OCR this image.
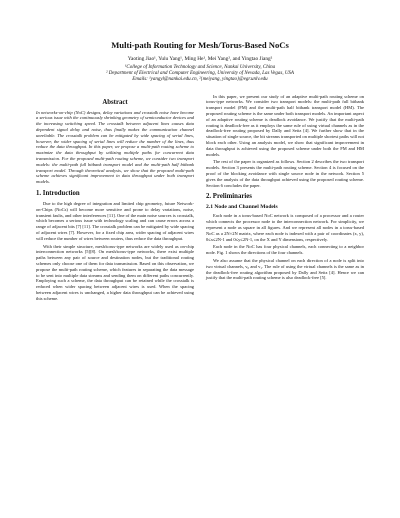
Multi-path Routing for Mesh/Torus-Based NoCs
Yaoting Jiao¹, Yulu Yang¹, Ming He¹, Mei Yang², and Yingtao Jiang²
¹College of Information Technology and Science, Nankai University, China
² Department of Electrical and Computer Engineering, University of Nevada, Las Vegas, USA
Emails: ¹yangyl@nankai.edu.cn, ²{meiyang, yingtao}@egr.unlv.edu
Abstract

In networks-on-chip (NoC) designs, delay variations and crosstalk noise have become a serious issue with the continuously shrinking geometry of semiconductor devices and the increasing switching speed. The crosstalk between adjacent lines causes data dependent signal delay and noise, thus finally makes the communication channel unreliable. The crosstalk problem can be mitigated by wide spacing of serial lines, however, the wider spacing of serial lines will reduce the number of the lines, thus reduce the data throughput. In this paper, we propose a multi-path routing scheme to maximize the data throughput by utilizing multiple paths for concurrent data transmission. For the proposed multi-path routing scheme, we consider two transport models: the multi-path full bitbank transport model and the multi-path half bitbank transport model. Through theoretical analysis, we show that the proposed multi-path scheme achieves significant improvement in data throughput under both transport models.

1. Introduction

Due to the high degree of integration and limited chip geometry, future Network-on-Chips (NoCs) will become more sensitive and prone to delay variations, noise, transient faults, and other interferences [11]. One of the main noise sources is crosstalk, which becomes a serious issue with technology scaling and can cause errors across a range of adjacent bits [7] [11]. The crosstalk problem can be mitigated by wide spacing of adjacent wires [7]. However, for a fixed chip area, wider spacing of adjacent wires will reduce the number of wires between routers, thus reduce the data throughput.

With their simple structure, mesh/torus-type networks are widely used as on-chip interconnection networks [5][8]. On mesh/torus-type networks, there exist multiple paths between any pair of source and destination nodes, but the traditional routing schemes only choose one of them for data transmission. Based on this observation, we propose the multi-path routing scheme, which features in separating the data message to be sent into multiple data streams and sending them on different paths concurrently. Employing such a scheme, the data throughput can be retained while the crosstalk is reduced when wider spacing between adjacent wires is used. When the spacing between adjacent wires is unchanged, a higher data throughput can be achieved using this scheme.

In this paper, we present our study of an adaptive multi-path routing scheme on torus-type networks. We consider two transport models: the multi-path full bitbank transport model (FM) and the multi-path half bitbank transport model (HM). The proposed routing scheme is the same under both transport models. An important aspect of an adaptive routing scheme is deadlock avoidance. We justify that the multi-path routing is deadlock-free as it employs the same rule of using virtual channels as in the deadlock-free routing proposed by Dally and Seitz [4]. We further show that in the situation of single source, the bit streams transported on multiple shortest paths will not block each other. Using an analysis model, we show that significant improvement in data throughput is achieved using the proposed scheme under both the FM and HM models.

The rest of the paper is organized as follows. Section 2 describes the two transport models. Section 3 presents the multi-path routing scheme. Section 4 is focused on the proof of the blocking avoidance with single source node in the network. Section 5 gives the analysis of the data throughput achieved using the proposed routing scheme. Section 6 concludes the paper.

2. Preliminaries
2.1 Node and Channel Models

Each node in a torus-based NoC network is composed of a processor and a router which connects the processor node to the interconnection network. For simplicity, we represent a node as square in all figures. And we represent all nodes in a torus-based NoC as a 2N×2N matrix, where each node is indexed with a pair of coordinates (x, y), 0≤x≤2N-1 and 0≤y≤2N-1, on the X and Y dimensions, respectively.

Each node in the NoC has four physical channels, each connecting to a neighbor node. Fig. 1 shows the directions of the four channels.

We also assume that the physical channel on each direction of a node is split into two virtual channels, v₀ and v₁. The rule of using the virtual channels is the same as in the deadlock-free routing algorithm proposed by Dally and Seitz [4]. Hence we can justify that the multi-path routing scheme is also deadlock-free [5].
